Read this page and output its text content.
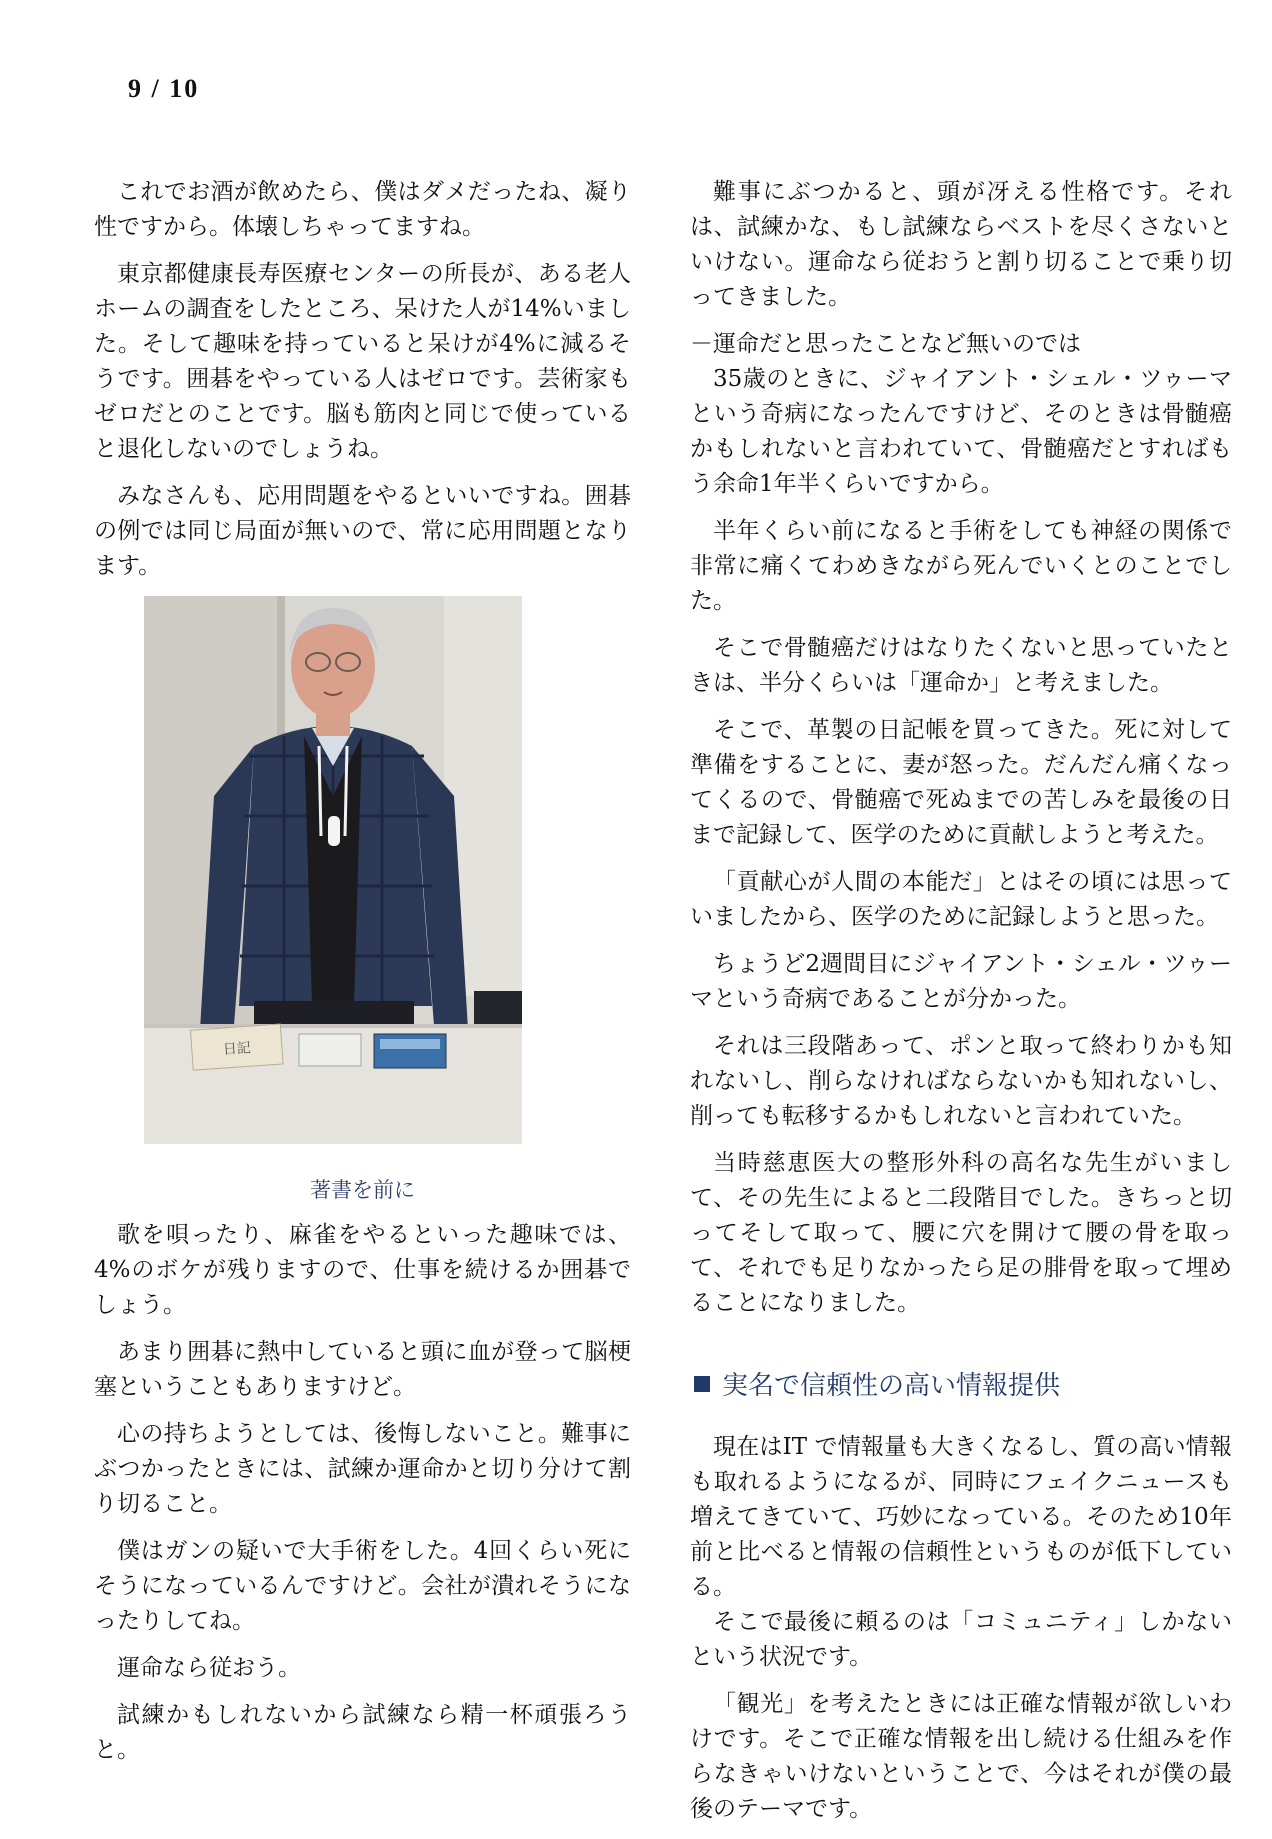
9 / 10

これでお酒が飲めたら、僕はダメだったね、凝り性ですから。体壊しちゃってますね。

東京都健康長寿医療センターの所長が、ある老人ホームの調査をしたところ、呆けた人が14%いました。そして趣味を持っていると呆けが4%に減るそうです。囲碁をやっている人はゼロです。芸術家もゼロだとのことです。脳も筋肉と同じで使っていると退化しないのでしょうね。

みなさんも、応用問題をやるといいですね。囲碁の例では同じ局面が無いので、常に応用問題となります。

日記
著書を前に

歌を唄ったり、麻雀をやるといった趣味では、4%のボケが残りますので、仕事を続けるか囲碁でしょう。

あまり囲碁に熱中していると頭に血が登って脳梗塞ということもありますけど。

心の持ちようとしては、後悔しないこと。難事にぶつかったときには、試練か運命かと切り分けて割り切ること。

僕はガンの疑いで大手術をした。4回くらい死にそうになっているんですけど。会社が潰れそうになったりしてね。

運命なら従おう。

試練かもしれないから試練なら精一杯頑張ろうと。

難事にぶつかると、頭が冴える性格です。それは、試練かな、もし試練ならベストを尽くさないといけない。運命なら従おうと割り切ることで乗り切ってきました。

－運命だと思ったことなど無いのでは

35歳のときに、ジャイアント・シェル・ツゥーマという奇病になったんですけど、そのときは骨髄癌かもしれないと言われていて、骨髄癌だとすればもう余命1年半くらいですから。

半年くらい前になると手術をしても神経の関係で非常に痛くてわめきながら死んでいくとのことでした。

そこで骨髄癌だけはなりたくないと思っていたときは、半分くらいは「運命か」と考えました。

そこで、革製の日記帳を買ってきた。死に対して準備をすることに、妻が怒った。だんだん痛くなってくるので、骨髄癌で死ぬまでの苦しみを最後の日まで記録して、医学のために貢献しようと考えた。

「貢献心が人間の本能だ」とはその頃には思っていましたから、医学のために記録しようと思った。

ちょうど2週間目にジャイアント・シェル・ツゥーマという奇病であることが分かった。

それは三段階あって、ポンと取って終わりかも知れないし、削らなければならないかも知れないし、削っても転移するかもしれないと言われていた。

当時慈恵医大の整形外科の高名な先生がいまして、その先生によると二段階目でした。きちっと切ってそして取って、腰に穴を開けて腰の骨を取って、それでも足りなかったら足の腓骨を取って埋めることになりました。

実名で信頼性の高い情報提供

現在はIT で情報量も大きくなるし、質の高い情報も取れるようになるが、同時にフェイクニュースも増えてきていて、巧妙になっている。そのため10年前と比べると情報の信頼性というものが低下している。

そこで最後に頼るのは「コミュニティ」しかないという状況です。

「観光」を考えたときには正確な情報が欲しいわけです。そこで正確な情報を出し続ける仕組みを作らなきゃいけないということで、今はそれが僕の最後のテーマです。
